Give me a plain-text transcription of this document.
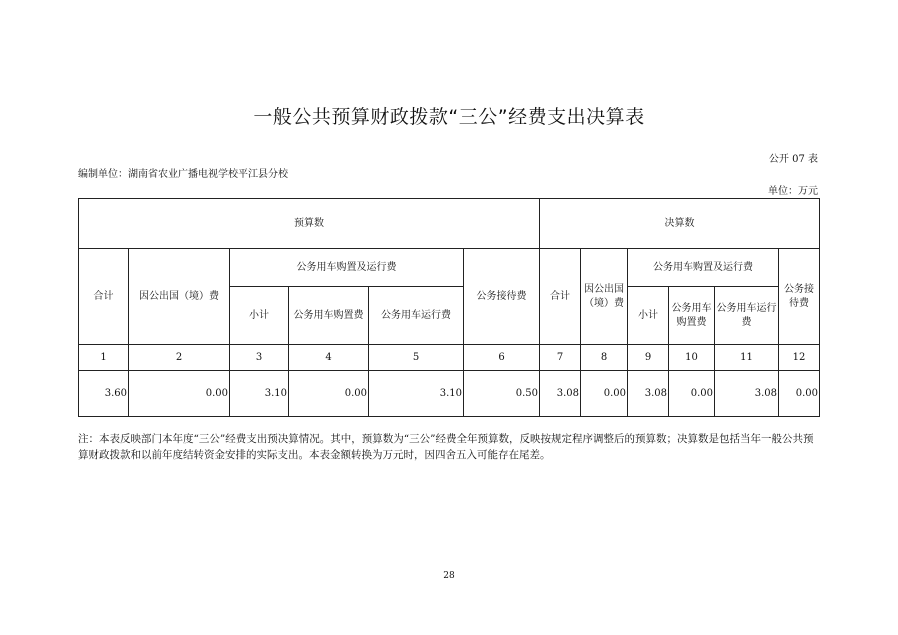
一般公共预算财政拨款“三公”经费支出决算表
公开 07 表
编制单位：湖南省农业广播电视学校平江县分校
单位：万元
预算数						决算数					
合计	因公出国（境）费	公务用车购置及运行费			公务接待费	合计	因公出国（境）费	公务用车购置及运行费			公务接待费
		小计	公务用车购置费	公务用车运行费				小计	公务用车购置费	公务用车运行费	
1	2	3	4	5	6	7	8	9	10	11	12
3.60	0.00	3.10	0.00	3.10	0.50	3.08	0.00	3.08	0.00	3.08	0.00
注：本表反映部门本年度“三公”经费支出预决算情况。其中，预算数为“三公”经费全年预算数，反映按规定程序调整后的预算数；决算数是包括当年一般公共预算财政拨款和以前年度结转资金安排的实际支出。本表金额转换为万元时，因四舍五入可能存在尾差。
28
